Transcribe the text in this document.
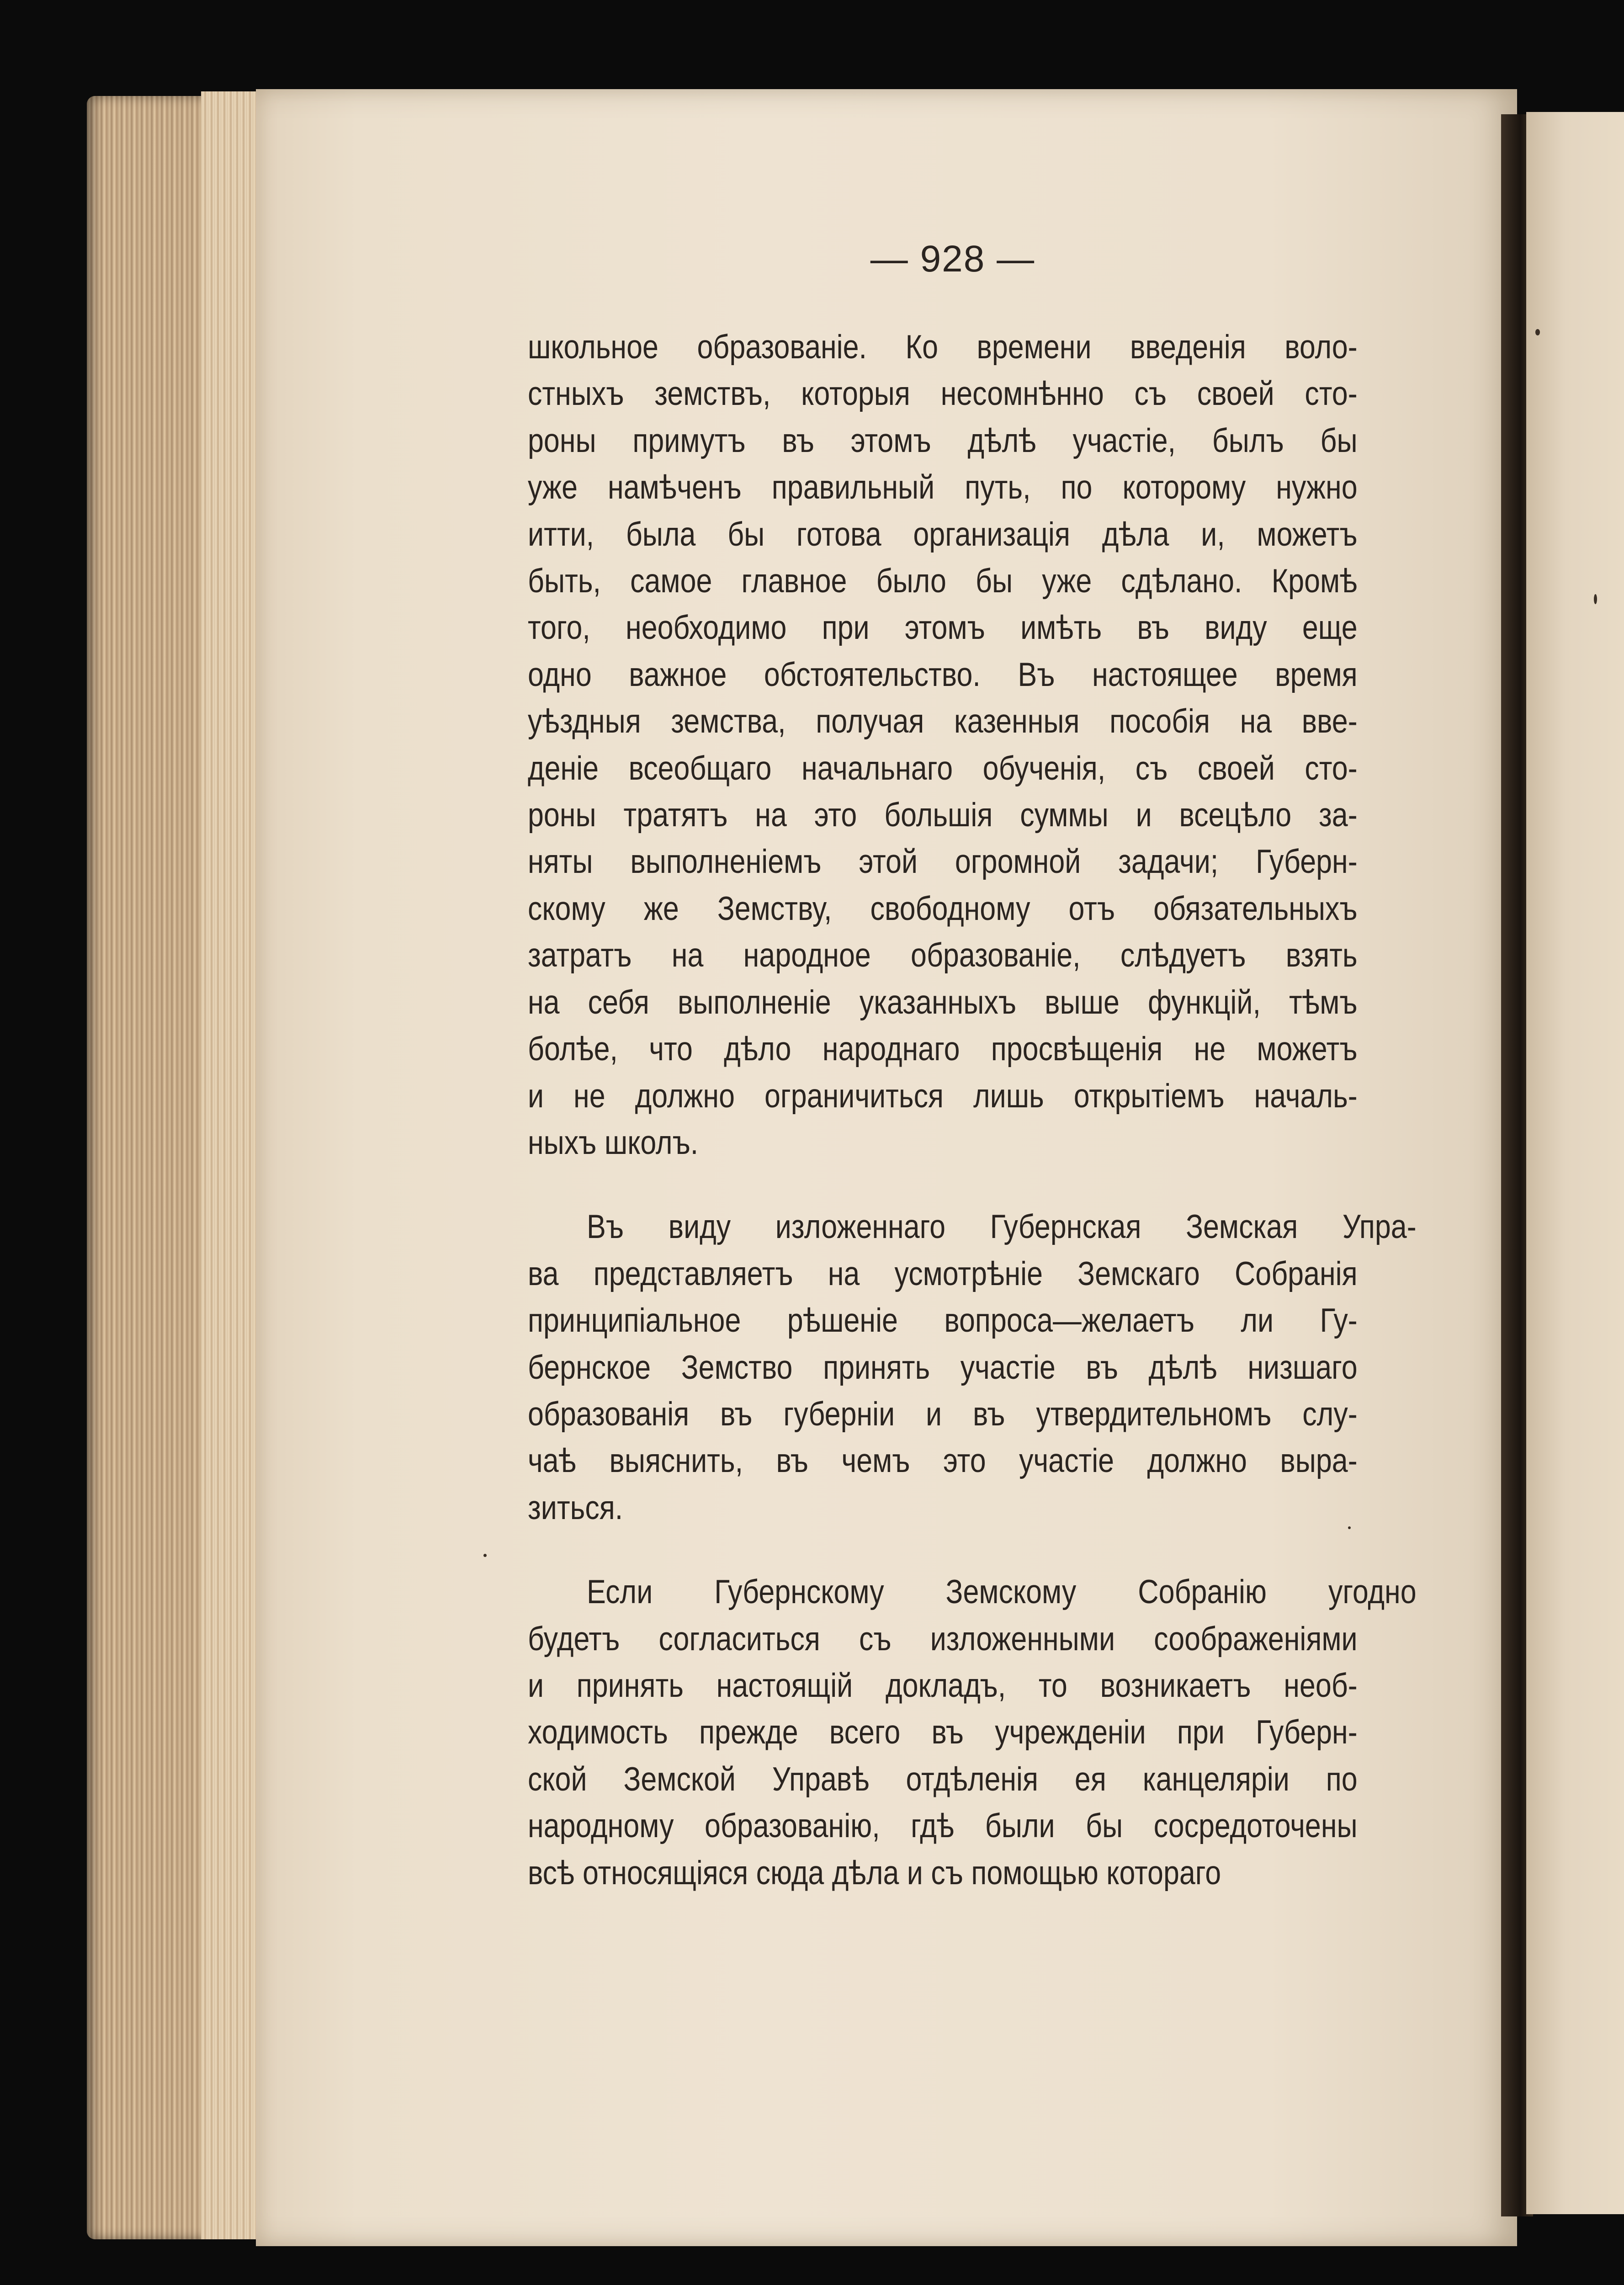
— 928 —
школьное образованіе. Ко времени введенія воло-
стныхъ земствъ, которыя несомнѣнно съ своей сто-
роны примутъ въ этомъ дѣлѣ участіе, былъ бы
уже намѣченъ правильный путь, по которому нужно
итти, была бы готова организація дѣла и, можетъ
быть, самое главное было бы уже сдѣлано. Кромѣ
того, необходимо при этомъ имѣть въ виду еще
одно важное обстоятельство. Въ настоящее время
уѣздныя земства, получая казенныя пособія на вве-
деніе всеобщаго начальнаго обученія, съ своей сто-
роны тратятъ на это большія суммы и всецѣло за-
няты выполненіемъ этой огромной задачи; Губерн-
скому же Земству, свободному отъ обязательныхъ
затратъ на народное образованіе, слѣдуетъ взять
на себя выполненіе указанныхъ выше функцій, тѣмъ
болѣе, что дѣло народнаго просвѣщенія не можетъ
и не должно ограничиться лишь открытіемъ началь-
ныхъ школъ.
Въ виду изложеннаго Губернская Земская Упра-
ва представляетъ на усмотрѣніе Земскаго Собранія
принципіальное рѣшеніе вопроса—желаетъ ли Гу-
бернское Земство принять участіе въ дѣлѣ низшаго
образованія въ губерніи и въ утвердительномъ слу-
чаѣ выяснить, въ чемъ это участіе должно выра-
зиться.
Если Губернскому Земскому Собранію угодно
будетъ согласиться съ изложенными соображеніями
и принять настоящій докладъ, то возникаетъ необ-
ходимость прежде всего въ учрежденіи при Губерн-
ской Земской Управѣ отдѣленія ея канцеляріи по
народному образованію, гдѣ были бы сосредоточены
всѣ относящіяся сюда дѣла и съ помощью котораго
